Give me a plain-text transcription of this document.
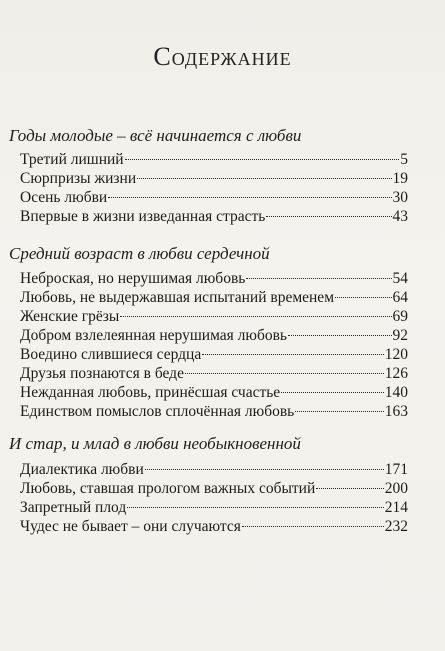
Содержание
Годы молодые – всё начинается с любви
Третий лишний	5
Сюрпризы жизни	19
Осень любви	30
Впервые в жизни изведанная страсть	43
Средний возраст в любви сердечной
Неброская, но нерушимая любовь	54
Любовь, не выдержавшая испытаний временем	64
Женские грёзы	69
Добром взлелеянная нерушимая любовь	92
Воедино слившиеся сердца	120
Друзья познаются в беде	126
Нежданная любовь, принёсшая счастье	140
Единством помыслов сплочённая любовь	163
И стар, и млад в любви необыкновенной
Диалектика любви	171
Любовь, ставшая прологом важных событий	200
Запретный плод	214
Чудес не бывает – они случаются	232
